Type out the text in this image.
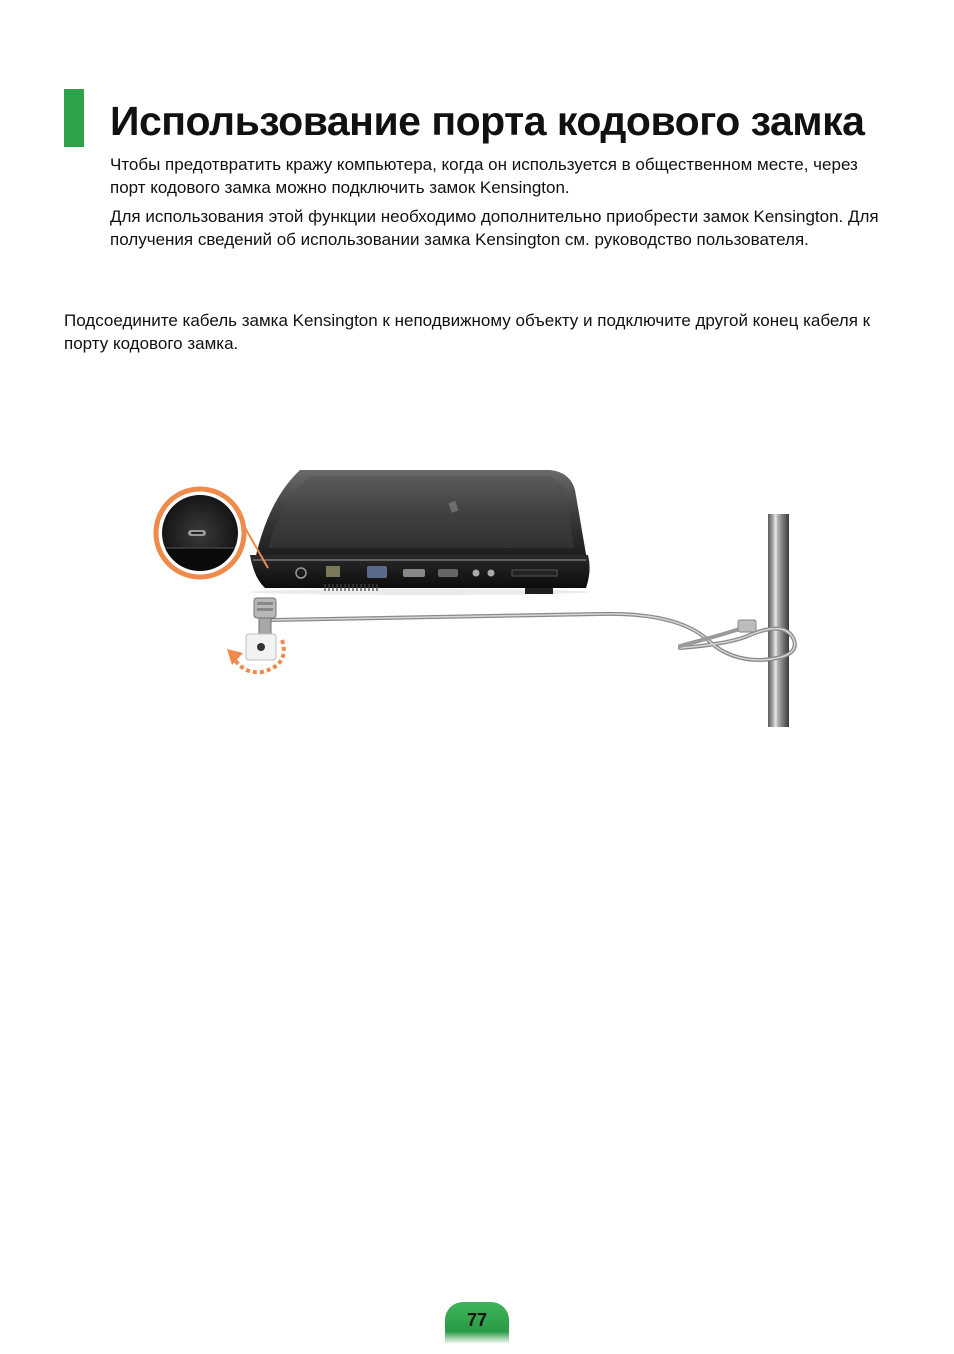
Использование порта кодового замка

Чтобы предотвратить кражу компьютера, когда он используется в общественном месте, через порт кодового замка можно подключить замок Kensington.

Для использования этой функции необходимо дополнительно приобрести замок Kensington. Для получения сведений об использовании замка Kensington см. руководство пользователя.

Подсоедините кабель замка Kensington к неподвижному объекту и подключите другой конец кабеля к порту кодового замка.

77
